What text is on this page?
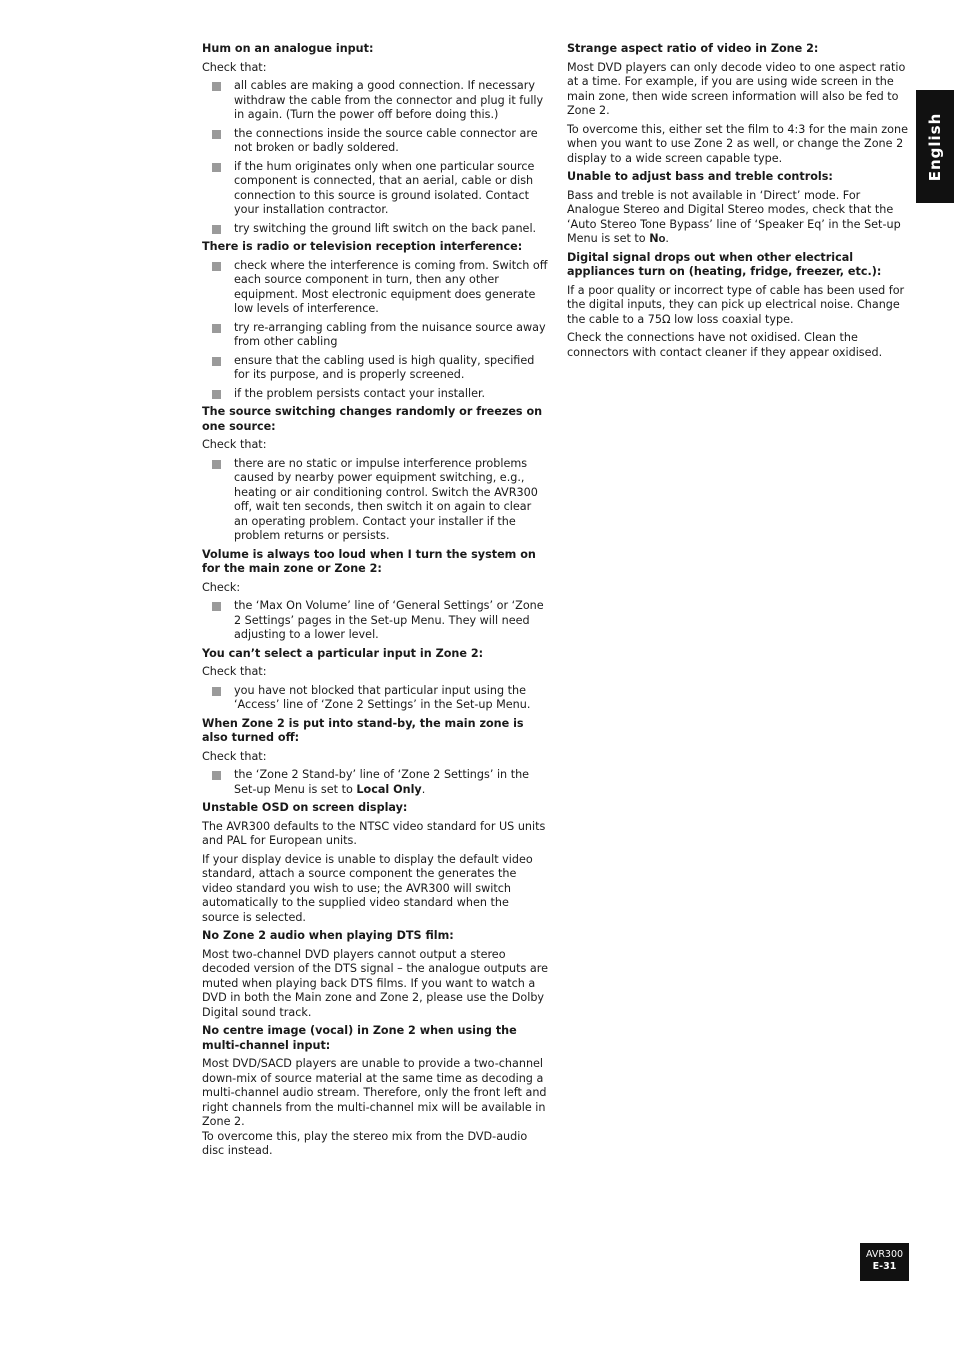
Hum on an analogue input:

Check that:

all cables are making a good connection. If necessary withdraw the cable from the connector and plug it fully in again. (Turn the power off before doing this.)
the connections inside the source cable connector are not broken or badly soldered.
if the hum originates only when one particular source component is connected, that an aerial, cable or dish connection to this source is ground isolated. Contact your installation contractor.
try switching the ground lift switch on the back panel.
There is radio or television reception interference:
check where the interference is coming from. Switch off each source component in turn, then any other equipment. Most electronic equipment does generate low levels of interference.
try re-arranging cabling from the nuisance source away from other cabling
ensure that the cabling used is high quality, specified for its purpose, and is properly screened.
if the problem persists contact your installer.
The source switching changes randomly or freezes on one source:

Check that:

there are no static or impulse interference problems caused by nearby power equipment switching, e.g., heating or air conditioning control. Switch the AVR300 off, wait ten seconds, then switch it on again to clear an operating problem. Contact your installer if the problem returns or persists.
Volume is always too loud when I turn the system on for the main zone or Zone 2:

Check:

the ‘Max On Volume’ line of ‘General Settings’ or ‘Zone 2 Settings’ pages in the Set-up Menu. They will need adjusting to a lower level.
You can’t select a particular input in Zone 2:

Check that:

you have not blocked that particular input using the ‘Access’ line of ‘Zone 2 Settings’ in the Set-up Menu.
When Zone 2 is put into stand-by, the main zone is also turned off:

Check that:

the ‘Zone 2 Stand-by’ line of ‘Zone 2 Settings’ in the Set-up Menu is set to Local Only.
Unstable OSD on screen display:

The AVR300 defaults to the NTSC video standard for US units and PAL for European units.

If your display device is unable to display the default video standard, attach a source component the generates the video standard you wish to use; the AVR300 will switch automatically to the supplied video standard when the source is selected.

No Zone 2 audio when playing DTS film:

Most two-channel DVD players cannot output a stereo decoded version of the DTS signal – the analogue outputs are muted when playing back DTS films. If you want to watch a DVD in both the Main zone and Zone 2, please use the Dolby Digital sound track.

No centre image (vocal) in Zone 2 when using the multi-channel input:

Most DVD/SACD players are unable to provide a two-channel down-mix of source material at the same time as decoding a multi-channel audio stream. Therefore, only the front left and right channels from the multi-channel mix will be available in Zone 2.

To overcome this, play the stereo mix from the DVD-audio disc instead.

Strange aspect ratio of video in Zone 2:

Most DVD players can only decode video to one aspect ratio at a time. For example, if you are using wide screen in the main zone, then wide screen information will also be fed to Zone 2.

To overcome this, either set the film to 4:3 for the main zone when you want to use Zone 2 as well, or change the Zone 2 display to a wide screen capable type.

Unable to adjust bass and treble controls:

Bass and treble is not available in ‘Direct’ mode. For Analogue Stereo and Digital Stereo modes, check that the ‘Auto Stereo Tone Bypass’ line of ‘Speaker Eq’ in the Set-up Menu is set to No.

Digital signal drops out when other electrical appliances turn on (heating, fridge, freezer, etc.):

If a poor quality or incorrect type of cable has been used for the digital inputs, they can pick up electrical noise. Change the cable to a 75Ω low loss coaxial type.

Check the connections have not oxidised. Clean the connectors with contact cleaner if they appear oxidised.

English
AVR300
E-31
